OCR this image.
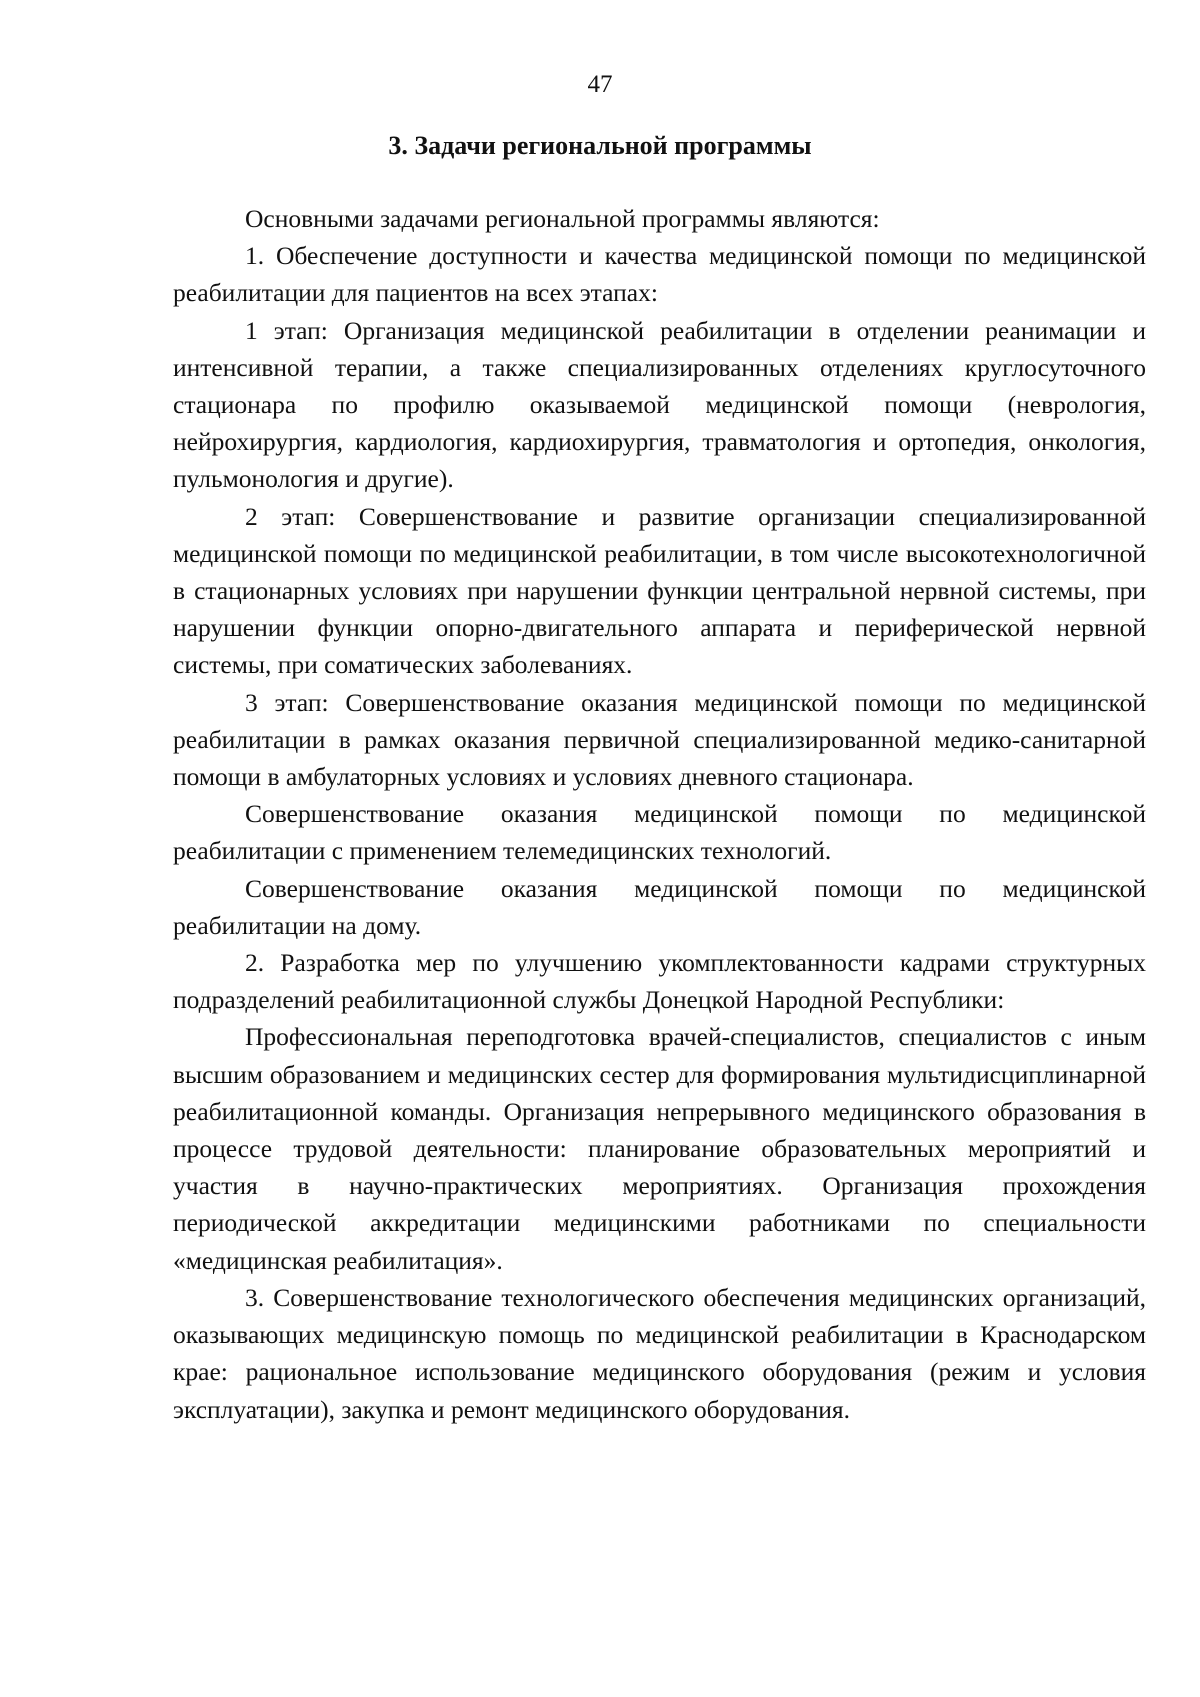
47
3. Задачи региональной программы

Основными задачами региональной программы являются:

1. Обеспечение доступности и качества медицинской помощи по медицинской реабилитации для пациентов на всех этапах:

1 этап: Организация медицинской реабилитации в отделении реанимации и интенсивной терапии, а также специализированных отделениях круглосуточного стационара по профилю оказываемой медицинской помощи (неврология, нейрохирургия, кардиология, кардиохирургия, травматология и ортопедия, онкология, пульмонология и другие).

2 этап: Совершенствование и развитие организации специализированной медицинской помощи по медицинской реабилитации, в том числе высокотехнологичной в стационарных условиях при нарушении функции центральной нервной системы, при нарушении функции опорно-двигательного аппарата и периферической нервной системы, при соматических заболеваниях.

3 этап: Совершенствование оказания медицинской помощи по медицинской реабилитации в рамках оказания первичной специализированной медико-санитарной помощи в амбулаторных условиях и условиях дневного стационара.

Совершенствование оказания медицинской помощи по медицинской реабилитации с применением телемедицинских технологий.

Совершенствование оказания медицинской помощи по медицинской реабилитации на дому.

2. Разработка мер по улучшению укомплектованности кадрами структурных подразделений реабилитационной службы Донецкой Народной Республики:

Профессиональная переподготовка врачей-специалистов, специалистов с иным высшим образованием и медицинских сестер для формирования мультидисциплинарной реабилитационной команды. Организация непрерывного медицинского образования в процессе трудовой деятельности: планирование образовательных мероприятий и участия в научно-практических мероприятиях. Организация прохождения периодической аккредитации медицинскими работниками по специальности «медицинская реабилитация».

3. Совершенствование технологического обеспечения медицинских организаций, оказывающих медицинскую помощь по медицинской реабилитации в Краснодарском крае: рациональное использование медицинского оборудования (режим и условия эксплуатации), закупка и ремонт медицинского оборудования.
